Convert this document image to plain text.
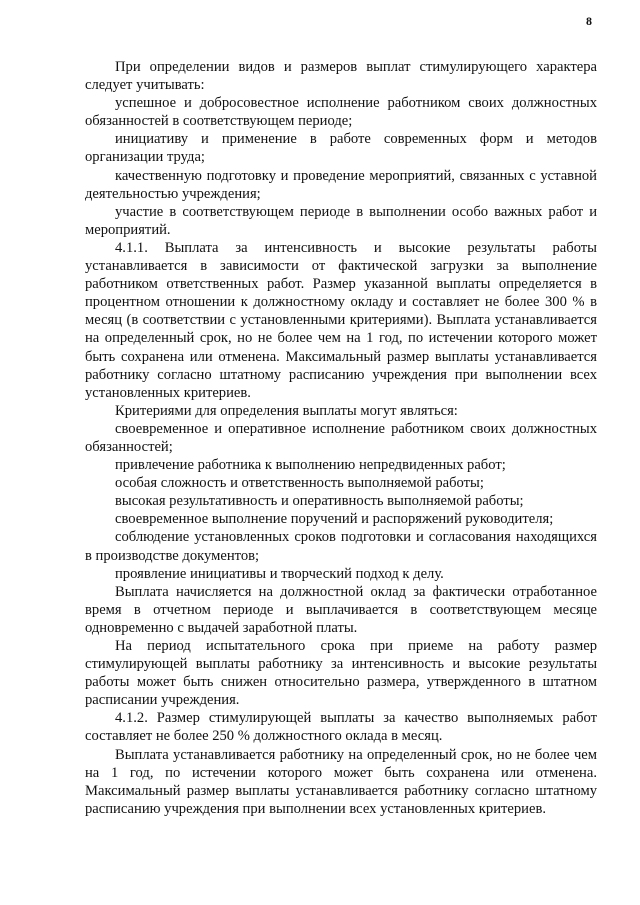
8

При определении видов и размеров выплат стимулирующего характера следует учитывать:

успешное и добросовестное исполнение работником своих должностных обязанностей в соответствующем периоде;

инициативу и применение в работе современных форм и методов организации труда;

качественную подготовку и проведение мероприятий, связанных с уставной деятельностью учреждения;

участие в соответствующем периоде в выполнении особо важных работ и мероприятий.

4.1.1. Выплата за интенсивность и высокие результаты работы устанавливается в зависимости от фактической загрузки за выполнение работником ответственных работ. Размер указанной выплаты определяется в процентном отношении к должностному окладу и составляет не более 300 % в месяц (в соответствии с установленными критериями). Выплата устанавливается на определенный срок, но не более чем на 1 год, по истечении которого может быть сохранена или отменена. Максимальный размер выплаты устанавливается работнику согласно штатному расписанию учреждения при выполнении всех установленных критериев.

Критериями для определения выплаты могут являться:

своевременное и оперативное исполнение работником своих должностных обязанностей;

привлечение работника к выполнению непредвиденных работ;

особая сложность и ответственность выполняемой работы;

высокая результативность и оперативность выполняемой работы;

своевременное выполнение поручений и распоряжений руководителя;

соблюдение установленных сроков подготовки и согласования находящихся в производстве документов;

проявление инициативы и творческий подход к делу.

Выплата начисляется на должностной оклад за фактически отработанное время в отчетном периоде и выплачивается в соответствующем месяце одновременно с выдачей заработной платы.

На период испытательного срока при приеме на работу размер стимулирующей выплаты работнику за интенсивность и высокие результаты работы может быть снижен относительно размера, утвержденного в штатном расписании учреждения.

4.1.2. Размер стимулирующей выплаты за качество выполняемых работ составляет не более 250 % должностного оклада в месяц.

Выплата устанавливается работнику на определенный срок, но не более чем на 1 год, по истечении которого может быть сохранена или отменена. Максимальный размер выплаты устанавливается работнику согласно штатному расписанию учреждения при выполнении всех установленных критериев.
